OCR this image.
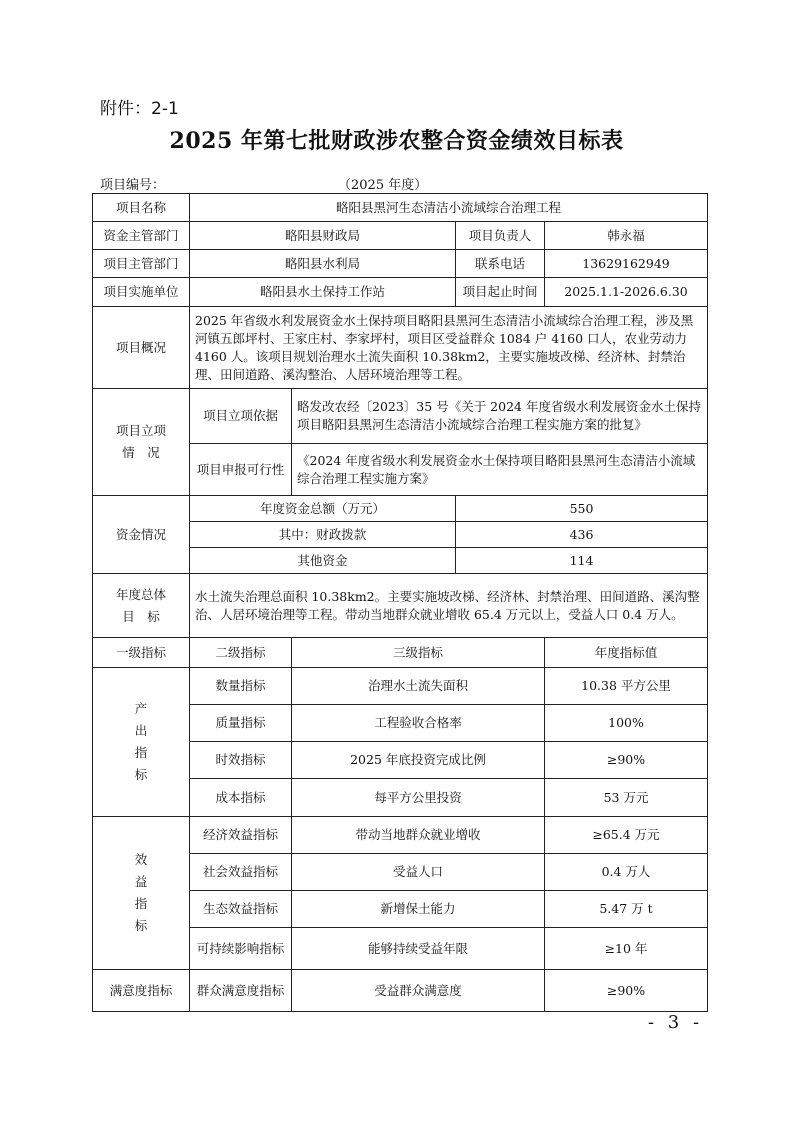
附件：2-1
2025 年第七批财政涉农整合资金绩效目标表
项目编号：	（2025 年度）
项目名称	略阳县黑河生态清洁小流域综合治理工程			
资金主管部门	略阳县财政局		项目负责人	韩永福
项目主管部门	略阳县水利局		联系电话	13629162949
项目实施单位	略阳县水土保持工作站		项目起止时间	2025.1.1-2026.6.30
项目概况	2025 年省级水利发展资金水土保持项目略阳县黑河生态清洁小流域综合治理工程，涉及黑河镇五郎坪村、王家庄村、李家坪村，项目区受益群众 1084 户 4160 口人，农业劳动力 4160 人。该项目规划治理水土流失面积 10.38km2，主要实施坡改梯、经济林、封禁治理、田间道路、溪沟整治、人居环境治理等工程。			

项目立项
情　况	项目立项依据	略发改农经〔2023〕35 号《关于 2024 年度省级水利发展资金水土保持项目略阳县黑河生态清洁小流域综合治理工程实施方案的批复》		
	项目申报可行性	《2024 年度省级水利发展资金水土保持项目略阳县黑河生态清洁小流域综合治理工程实施方案》		
资金情况	年度资金总额（万元）		550	
	其中：财政拨款		436	
	其他资金		114	

年度总体
目　标	水土流失治理总面积 10.38km2。主要实施坡改梯、经济林、封禁治理、田间道路、溪沟整治、人居环境治理等工程。带动当地群众就业增收 65.4 万元以上，受益人口 0.4 万人。			
一级指标	二级指标	三级指标		年度指标值

产
出
指
标	数量指标	治理水土流失面积		10.38 平方公里
	质量指标	工程验收合格率		100%
	时效指标	2025 年底投资完成比例		≥90%
	成本指标	每平方公里投资		53 万元

效
益
指
标	经济效益指标	带动当地群众就业增收		≥65.4 万元
	社会效益指标	受益人口		0.4 万人
	生态效益指标	新增保土能力		5.47 万 t
	可持续影响指标	能够持续受益年限		≥10 年
满意度指标	群众满意度指标	受益群众满意度		≥90%
- 3 -
